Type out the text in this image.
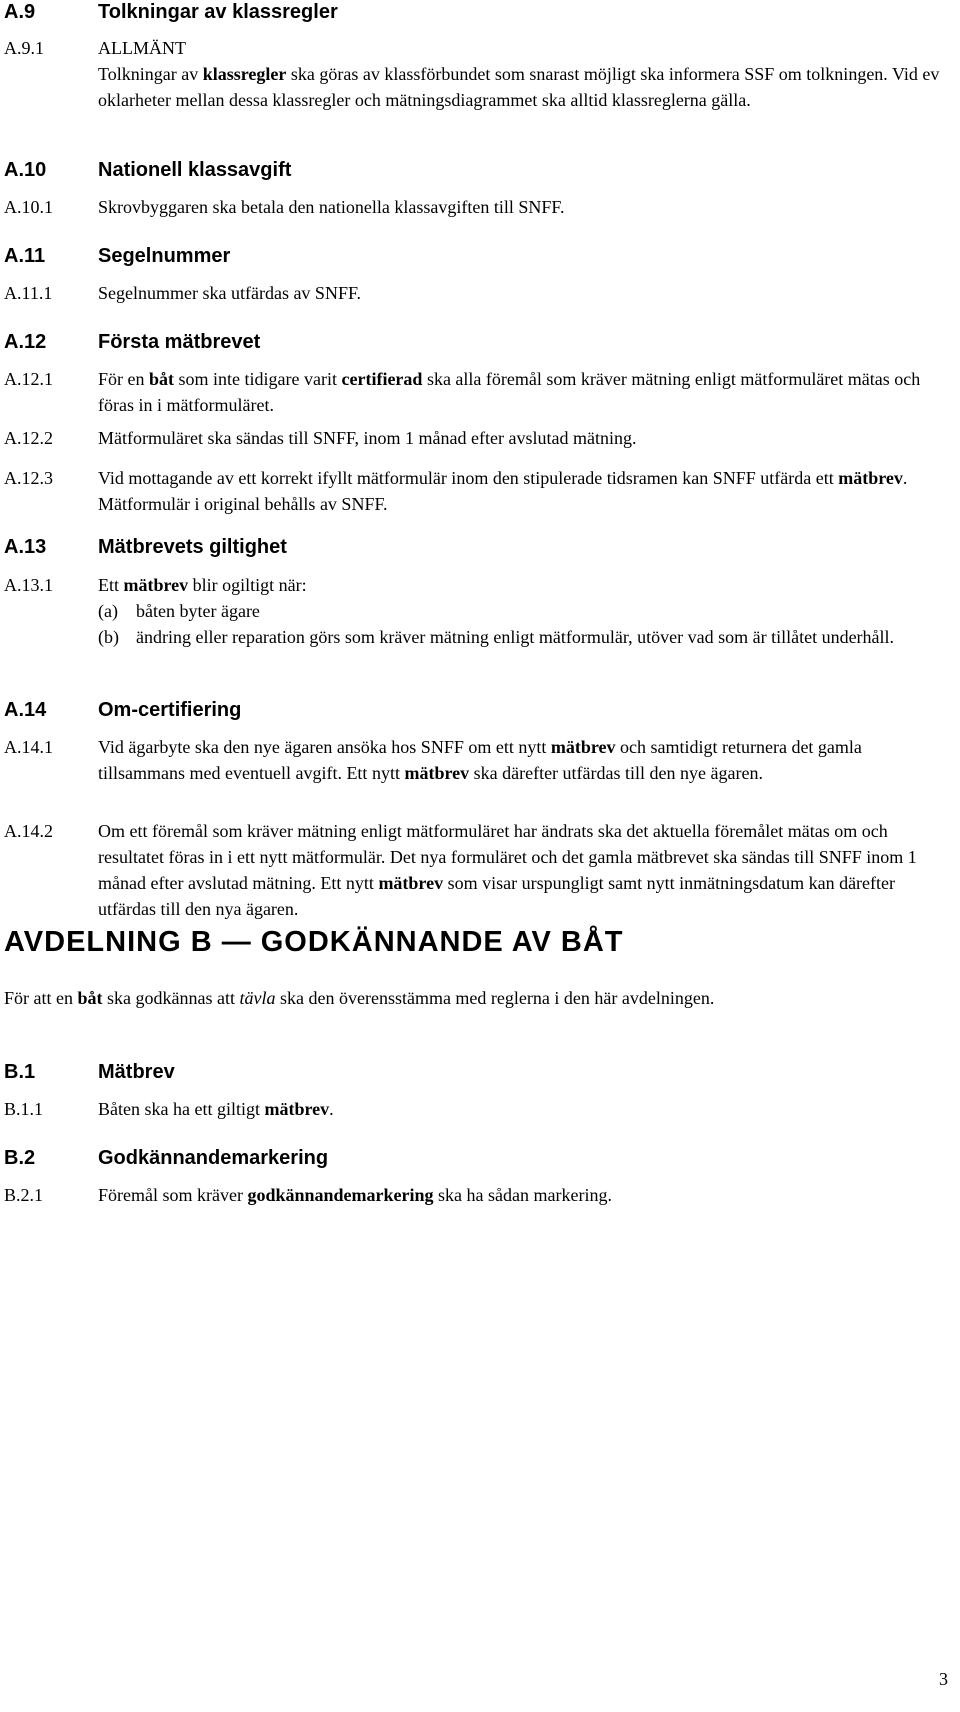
A.9	Tolkningar av klassregler
A.9.1	ALLMÄNT
Tolkningar av klassregler ska göras av klassförbundet som snarast möjligt ska informera SSF om tolkningen. Vid ev oklarheter mellan dessa klassregler och mätningsdiagrammet ska alltid klassreglerna gälla.
A.10	Nationell klassavgift
A.10.1	Skrovbyggaren ska betala den nationella klassavgiften till SNFF.
A.11	Segelnummer
A.11.1	Segelnummer ska utfärdas av SNFF.
A.12	Första mätbrevet
A.12.1	För en båt som inte tidigare varit certifierad ska alla föremål som kräver mätning enligt mätformuläret mätas och föras in i mätformuläret.
A.12.2	Mätformuläret ska sändas till SNFF, inom 1 månad efter avslutad mätning.
A.12.3	Vid mottagande av ett korrekt ifyllt mätformulär inom den stipulerade tidsramen kan SNFF utfärda ett mätbrev. Mätformulär i original behålls av SNFF.
A.13	Mätbrevets giltighet
A.13.1	Ett mätbrev blir ogiltigt när:
(a) båten byter ägare
(b) ändring eller reparation görs som kräver mätning enligt mätformulär, utöver vad som är tillåtet underhåll.
A.14	Om-certifiering
A.14.1	Vid ägarbyte ska den nye ägaren ansöka hos SNFF om ett nytt mätbrev och samtidigt returnera det gamla tillsammans med eventuell avgift. Ett nytt mätbrev ska därefter utfärdas till den nye ägaren.
A.14.2	Om ett föremål som kräver mätning enligt mätformuläret har ändrats ska det aktuella föremålet mätas om och resultatet föras in i ett nytt mätformulär. Det nya formuläret och det gamla mätbrevet ska sändas till SNFF inom 1 månad efter avslutad mätning. Ett nytt mätbrev som visar urspungligt samt nytt inmätningsdatum kan därefter utfärdas till den nya ägaren.
AVDELNING B — GODKÄNNANDE AV BÅT
För att en båt ska godkännas att tävla ska den överensstämma med reglerna i den här avdelningen.
B.1	Mätbrev
B.1.1	Båten ska ha ett giltigt mätbrev.
B.2	Godkännandemarkering
B.2.1	Föremål som kräver godkännandemarkering ska ha sådan markering.
3
